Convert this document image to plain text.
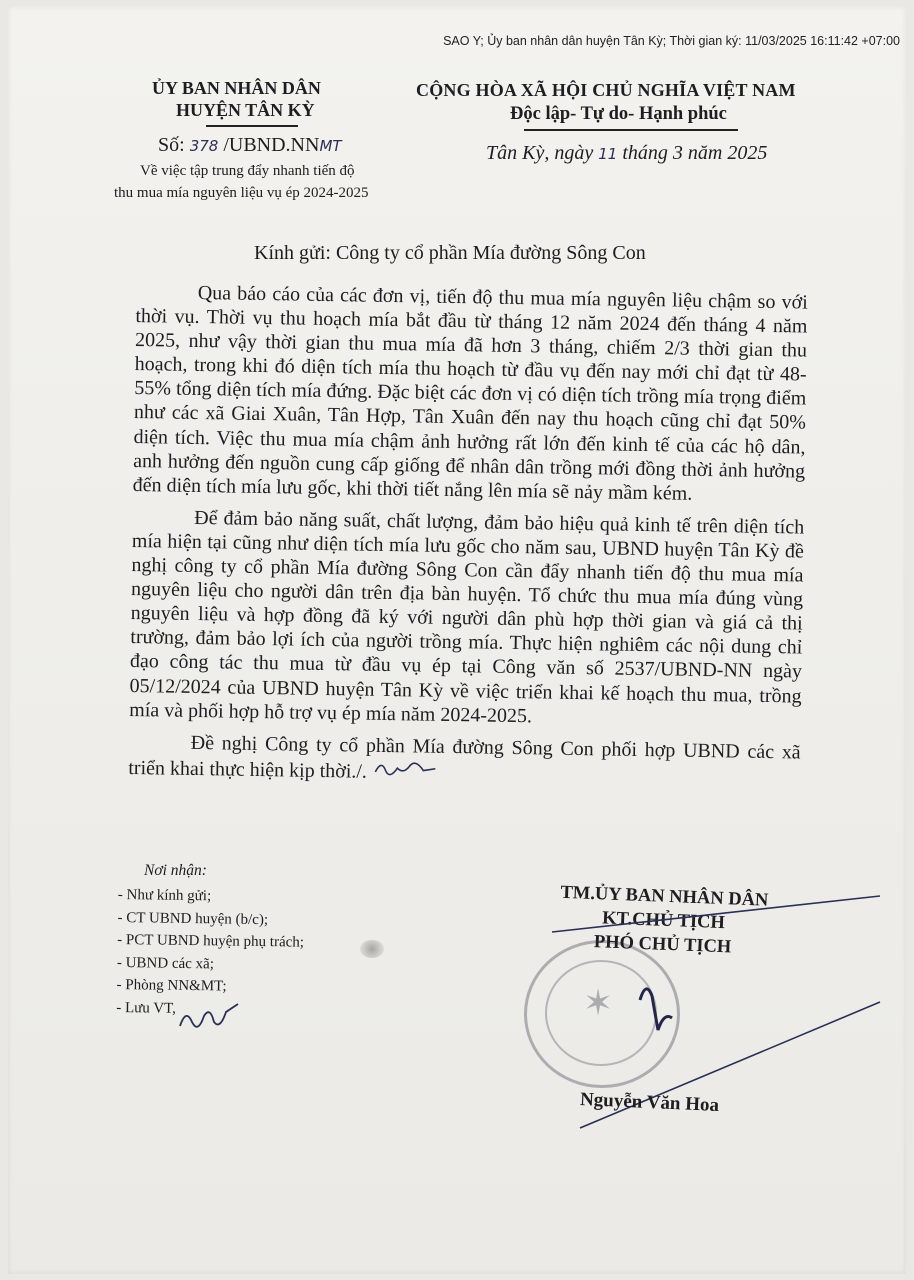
SAO Y; Ủy ban nhân dân huyện Tân Kỳ; Thời gian ký: 11/03/2025 16:11:42 +07:00
ỦY BAN NHÂN DÂN
HUYỆN TÂN KỲ
CỘNG HÒA XÃ HỘI CHỦ NGHĨA VIỆT NAM
Độc lập- Tự do- Hạnh phúc
Số: 378 /UBND.NNMT	Tân Kỳ, ngày 11 tháng 3 năm 2025
Về việc tập trung đẩy nhanh tiến độ
thu mua mía nguyên liệu vụ ép 2024-2025
Kính gửi: Công ty cổ phần Mía đường Sông Con

Qua báo cáo của các đơn vị, tiến độ thu mua mía nguyên liệu chậm so với thời vụ. Thời vụ thu hoạch mía bắt đầu từ tháng 12 năm 2024 đến tháng 4 năm 2025, như vậy thời gian thu mua mía đã hơn 3 tháng, chiếm 2/3 thời gian thu hoạch, trong khi đó diện tích mía thu hoạch từ đầu vụ đến nay mới chỉ đạt từ 48-55% tổng diện tích mía đứng. Đặc biệt các đơn vị có diện tích trồng mía trọng điểm như các xã Giai Xuân, Tân Hợp, Tân Xuân đến nay thu hoạch cũng chỉ đạt 50% diện tích. Việc thu mua mía chậm ảnh hưởng rất lớn đến kinh tế của các hộ dân, anh hưởng đến nguồn cung cấp giống để nhân dân trồng mới đồng thời ảnh hưởng đến diện tích mía lưu gốc, khi thời tiết nắng lên mía sẽ nảy mầm kém.

Để đảm bảo năng suất, chất lượng, đảm bảo hiệu quả kinh tế trên diện tích mía hiện tại cũng như diện tích mía lưu gốc cho năm sau, UBND huyện Tân Kỳ đề nghị công ty cổ phần Mía đường Sông Con cần đẩy nhanh tiến độ thu mua mía nguyên liệu cho người dân trên địa bàn huyện. Tổ chức thu mua mía đúng vùng nguyên liệu và hợp đồng đã ký với người dân phù hợp thời gian và giá cả thị trường, đảm bảo lợi ích của người trồng mía. Thực hiện nghiêm các nội dung chỉ đạo công tác thu mua từ đầu vụ ép tại Công văn số 2537/UBND-NN ngày 05/12/2024 của UBND huyện Tân Kỳ về việc triển khai kế hoạch thu mua, trồng mía và phối hợp hỗ trợ vụ ép mía năm 2024-2025.

Đề nghị Công ty cổ phần Mía đường Sông Con phối hợp UBND các xã triển khai thực hiện kịp thời./.

Nơi nhận:
- Như kính gửi;
- CT UBND huyện (b/c);
- PCT UBND huyện phụ trách;
- UBND các xã;
- Phòng NN&MT;
- Lưu VT,	✶
TM.ỦY BAN NHÂN DÂN
KT.CHỦ TỊCH
PHÓ CHỦ TỊCH
Nguyễn Văn Hoa
